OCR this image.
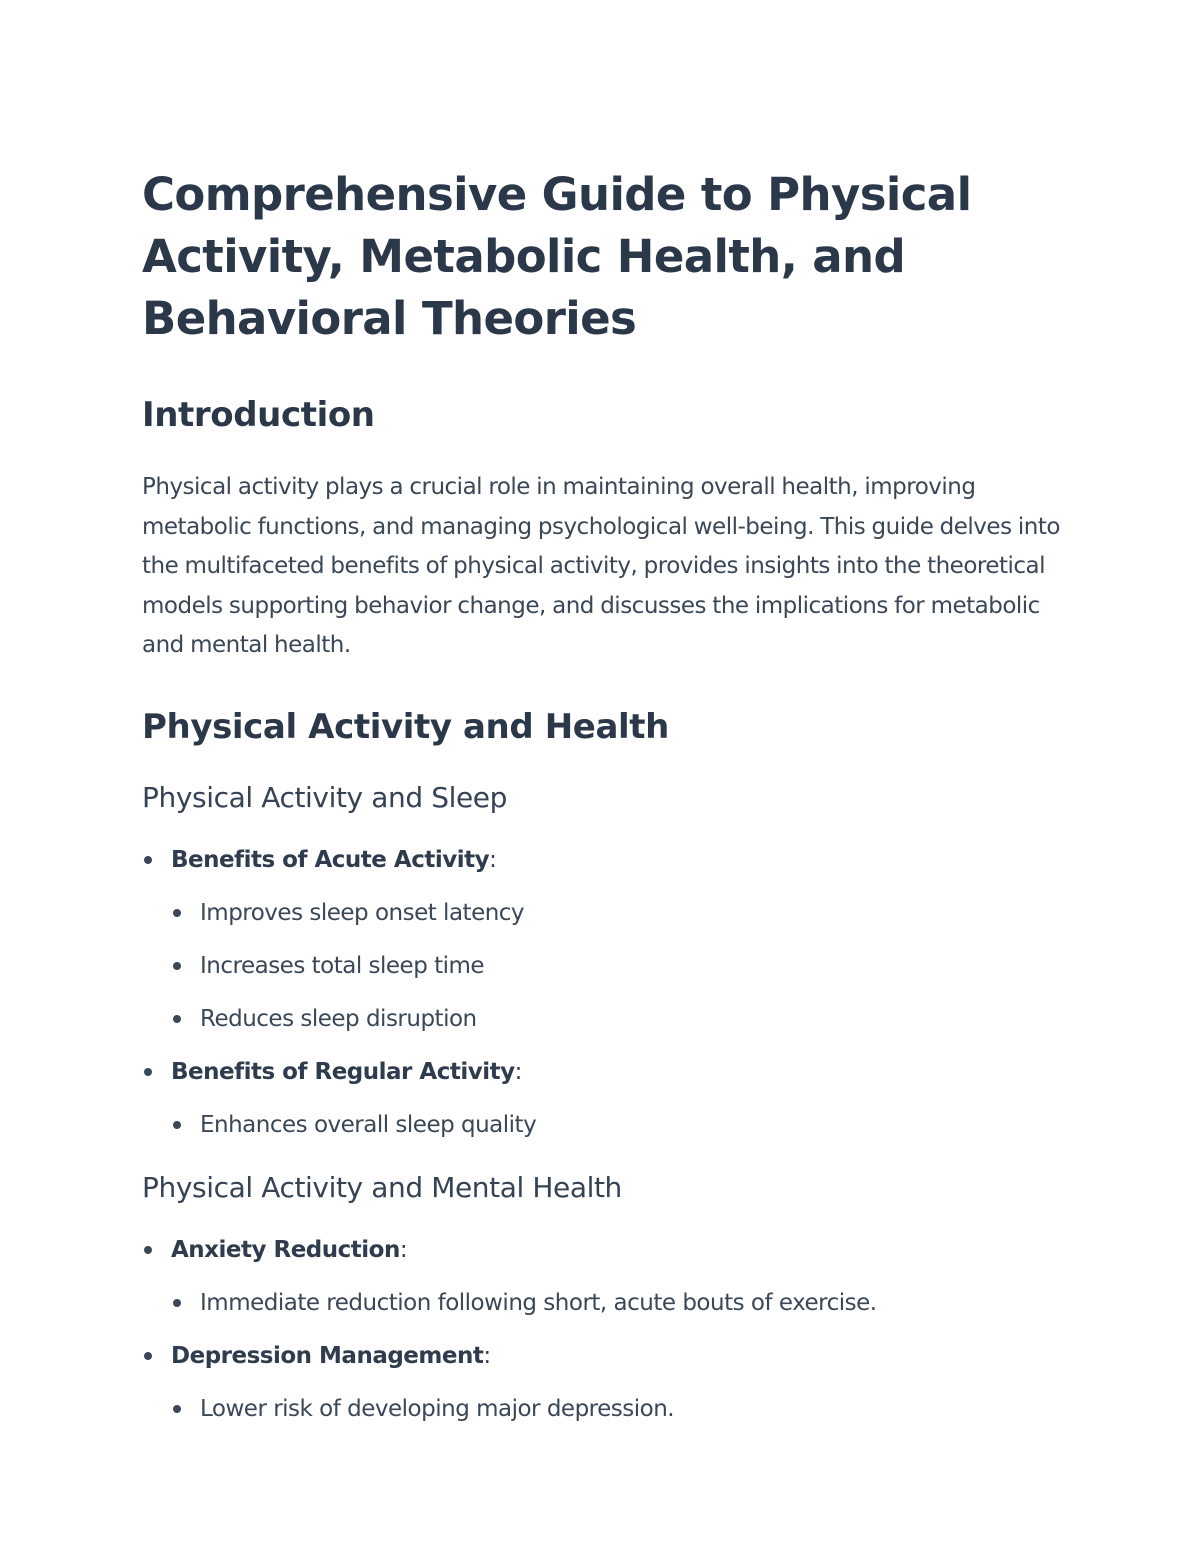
Comprehensive Guide to Physical Activity, Metabolic Health, and Behavioral Theories
Introduction

Physical activity plays a crucial role in maintaining overall health, improving metabolic functions, and managing psychological well-being. This guide delves into the multifaceted benefits of physical activity, provides insights into the theoretical models supporting behavior change, and discusses the implications for metabolic and mental health.

Physical Activity and Health
Physical Activity and Sleep
Benefits of Acute Activity:
Improves sleep onset latency
Increases total sleep time
Reduces sleep disruption
Benefits of Regular Activity:
Enhances overall sleep quality
Physical Activity and Mental Health
Anxiety Reduction:
Immediate reduction following short, acute bouts of exercise.
Depression Management:
Lower risk of developing major depression.
